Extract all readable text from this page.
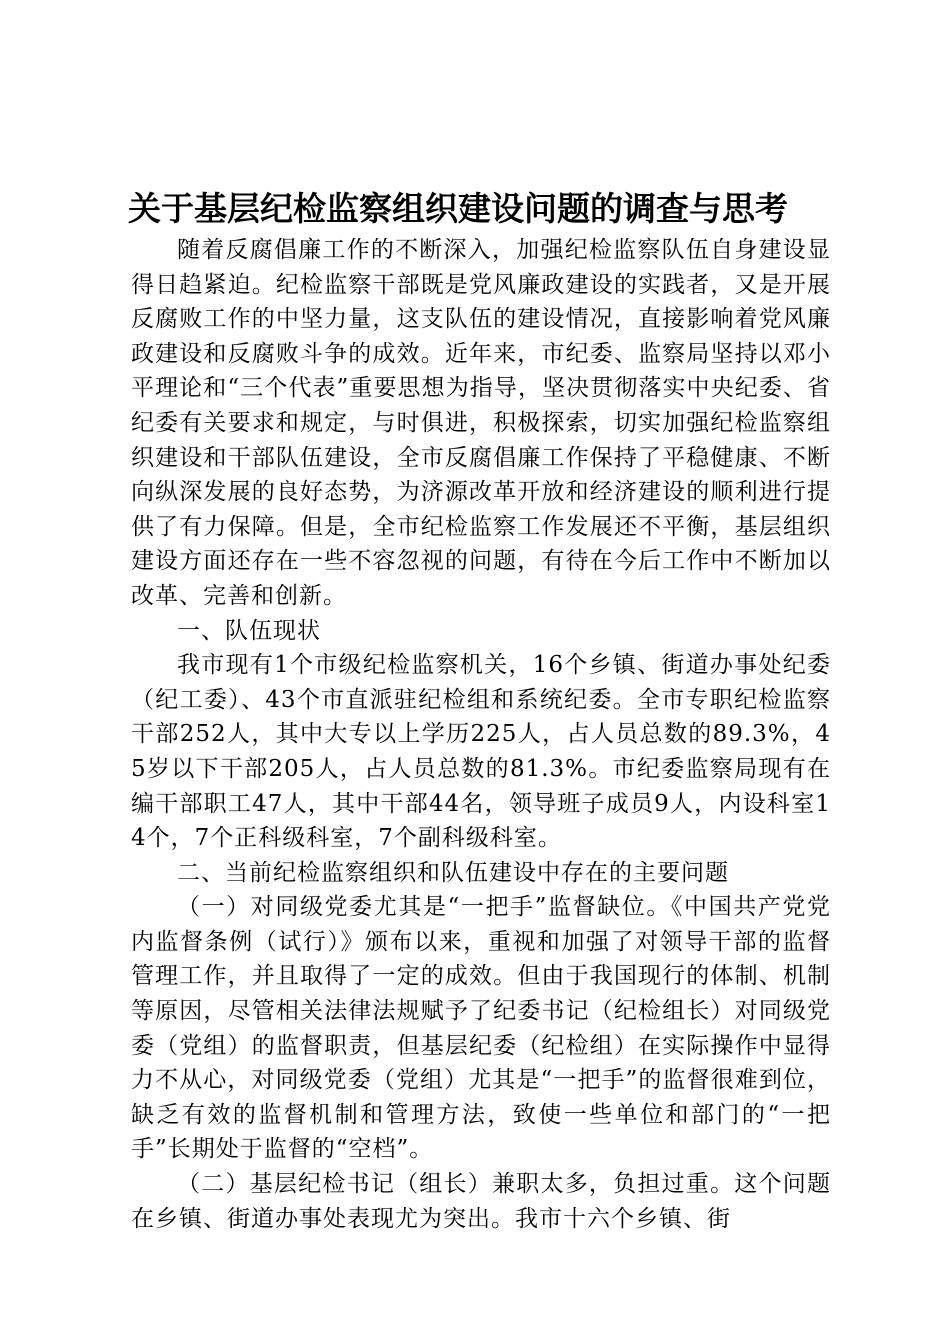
关于基层纪检监察组织建设问题的调查与思考

随着反腐倡廉工作的不断深入，加强纪检监察队伍自身建设显得日趋紧迫。纪检监察干部既是党风廉政建设的实践者，又是开展反腐败工作的中坚力量，这支队伍的建设情况，直接影响着党风廉政建设和反腐败斗争的成效。近年来，市纪委、监察局坚持以邓小平理论和“三个代表”重要思想为指导，坚决贯彻落实中央纪委、省纪委有关要求和规定，与时俱进，积极探索，切实加强纪检监察组织建设和干部队伍建设，全市反腐倡廉工作保持了平稳健康、不断向纵深发展的良好态势，为济源改革开放和经济建设的顺利进行提供了有力保障。但是，全市纪检监察工作发展还不平衡，基层组织建设方面还存在一些不容忽视的问题，有待在今后工作中不断加以改革、完善和创新。

一、队伍现状

我市现有1个市级纪检监察机关，16个乡镇、街道办事处纪委（纪工委）、43个市直派驻纪检组和系统纪委。全市专职纪检监察干部252人，其中大专以上学历225人，占人员总数的89.3%，45岁以下干部205人，占人员总数的81.3%。市纪委监察局现有在编干部职工47人，其中干部44名，领导班子成员9人，内设科室14个，7个正科级科室，7个副科级科室。

二、当前纪检监察组织和队伍建设中存在的主要问题

（一）对同级党委尤其是“一把手”监督缺位。《中国共产党党内监督条例（试行）》颁布以来，重视和加强了对领导干部的监督管理工作，并且取得了一定的成效。但由于我国现行的体制、机制等原因，尽管相关法律法规赋予了纪委书记（纪检组长）对同级党委（党组）的监督职责，但基层纪委（纪检组）在实际操作中显得力不从心，对同级党委（党组）尤其是“一把手”的监督很难到位，缺乏有效的监督机制和管理方法，致使一些单位和部门的“一把手”长期处于监督的“空档”。

（二）基层纪检书记（组长）兼职太多，负担过重。这个问题在乡镇、街道办事处表现尤为突出。我市十六个乡镇、街
